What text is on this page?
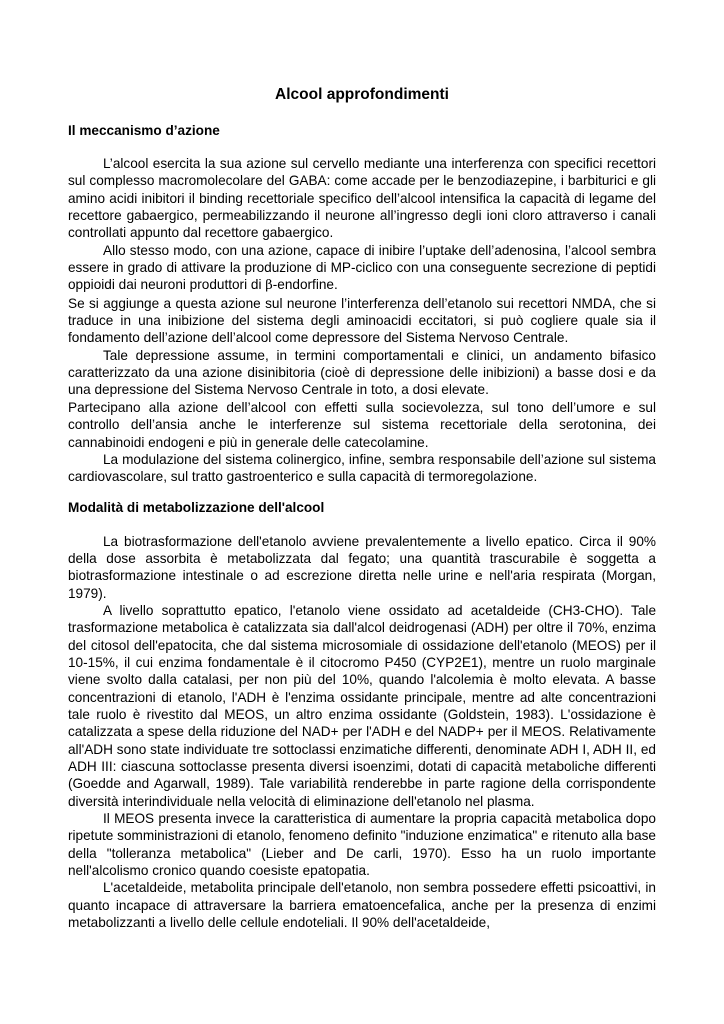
Alcool approfondimenti
Il meccanismo d’azione

L’alcool esercita la sua azione sul cervello mediante una interferenza con specifici recettori sul complesso macromolecolare del GABA: come accade per le benzodiazepine, i barbiturici e gli amino acidi inibitori il binding recettoriale specifico dell’alcool intensifica la capacità di legame del recettore gabaergico, permeabilizzando il neurone all’ingresso degli ioni cloro attraverso i canali controllati appunto dal recettore gabaergico.

Allo stesso modo, con una azione, capace di inibire l’uptake dell’adenosina, l’alcool sembra essere in grado di attivare la produzione di MP-ciclico con una conseguente secrezione di peptidi oppioidi dai neuroni produttori di β-endorfine.

Se si aggiunge a questa azione sul neurone l’interferenza dell’etanolo sui recettori NMDA, che si traduce in una inibizione del sistema degli aminoacidi eccitatori, si può cogliere quale sia il fondamento dell’azione dell’alcool come depressore del Sistema Nervoso Centrale.

Tale depressione assume, in termini comportamentali e clinici, un andamento bifasico caratterizzato da una azione disinibitoria (cioè di depressione delle inibizioni) a basse dosi e da una depressione del Sistema Nervoso Centrale in toto, a dosi elevate.

Partecipano alla azione dell’alcool con effetti sulla socievolezza, sul tono dell’umore e sul controllo dell’ansia anche le interferenze sul sistema recettoriale della serotonina, dei cannabinoidi endogeni e più in generale delle catecolamine.

La modulazione del sistema colinergico, infine, sembra responsabile dell’azione sul sistema cardiovascolare, sul tratto gastroenterico e sulla capacità di termoregolazione.

Modalità di metabolizzazione dell'alcool

La biotrasformazione dell'etanolo avviene prevalentemente a livello epatico. Circa il 90% della dose assorbita è metabolizzata dal fegato; una quantità trascurabile è soggetta a biotrasformazione intestinale o ad escrezione diretta nelle urine e nell'aria respirata (Morgan, 1979).

A livello soprattutto epatico, l'etanolo viene ossidato ad acetaldeide (CH3-CHO). Tale trasformazione metabolica è catalizzata sia dall'alcol deidrogenasi (ADH) per oltre il 70%, enzima del citosol dell'epatocita, che dal sistema microsomiale di ossidazione dell'etanolo (MEOS) per il 10-15%, il cui enzima fondamentale è il citocromo P450 (CYP2E1), mentre un ruolo marginale viene svolto dalla catalasi, per non più del 10%, quando l'alcolemia è molto elevata. A basse concentrazioni di etanolo, l'ADH è l'enzima ossidante principale, mentre ad alte concentrazioni tale ruolo è rivestito dal MEOS, un altro enzima ossidante (Goldstein, 1983). L'ossidazione è catalizzata a spese della riduzione del NAD+ per l'ADH e del NADP+ per il MEOS. Relativamente all'ADH sono state individuate tre sottoclassi enzimatiche differenti, denominate ADH I, ADH II, ed ADH III: ciascuna sottoclasse presenta diversi isoenzimi, dotati di capacità metaboliche differenti (Goedde and Agarwall, 1989). Tale variabilità renderebbe in parte ragione della corrispondente diversità interindividuale nella velocità di eliminazione dell'etanolo nel plasma.

Il MEOS presenta invece la caratteristica di aumentare la propria capacità metabolica dopo ripetute somministrazioni di etanolo, fenomeno definito "induzione enzimatica" e ritenuto alla base della "tolleranza metabolica" (Lieber and De carli, 1970). Esso ha un ruolo importante nell'alcolismo cronico quando coesiste epatopatia.

L'acetaldeide, metabolita principale dell'etanolo, non sembra possedere effetti psicoattivi, in quanto incapace di attraversare la barriera ematoencefalica, anche per la presenza di enzimi metabolizzanti a livello delle cellule endoteliali. Il 90% dell'acetaldeide,
